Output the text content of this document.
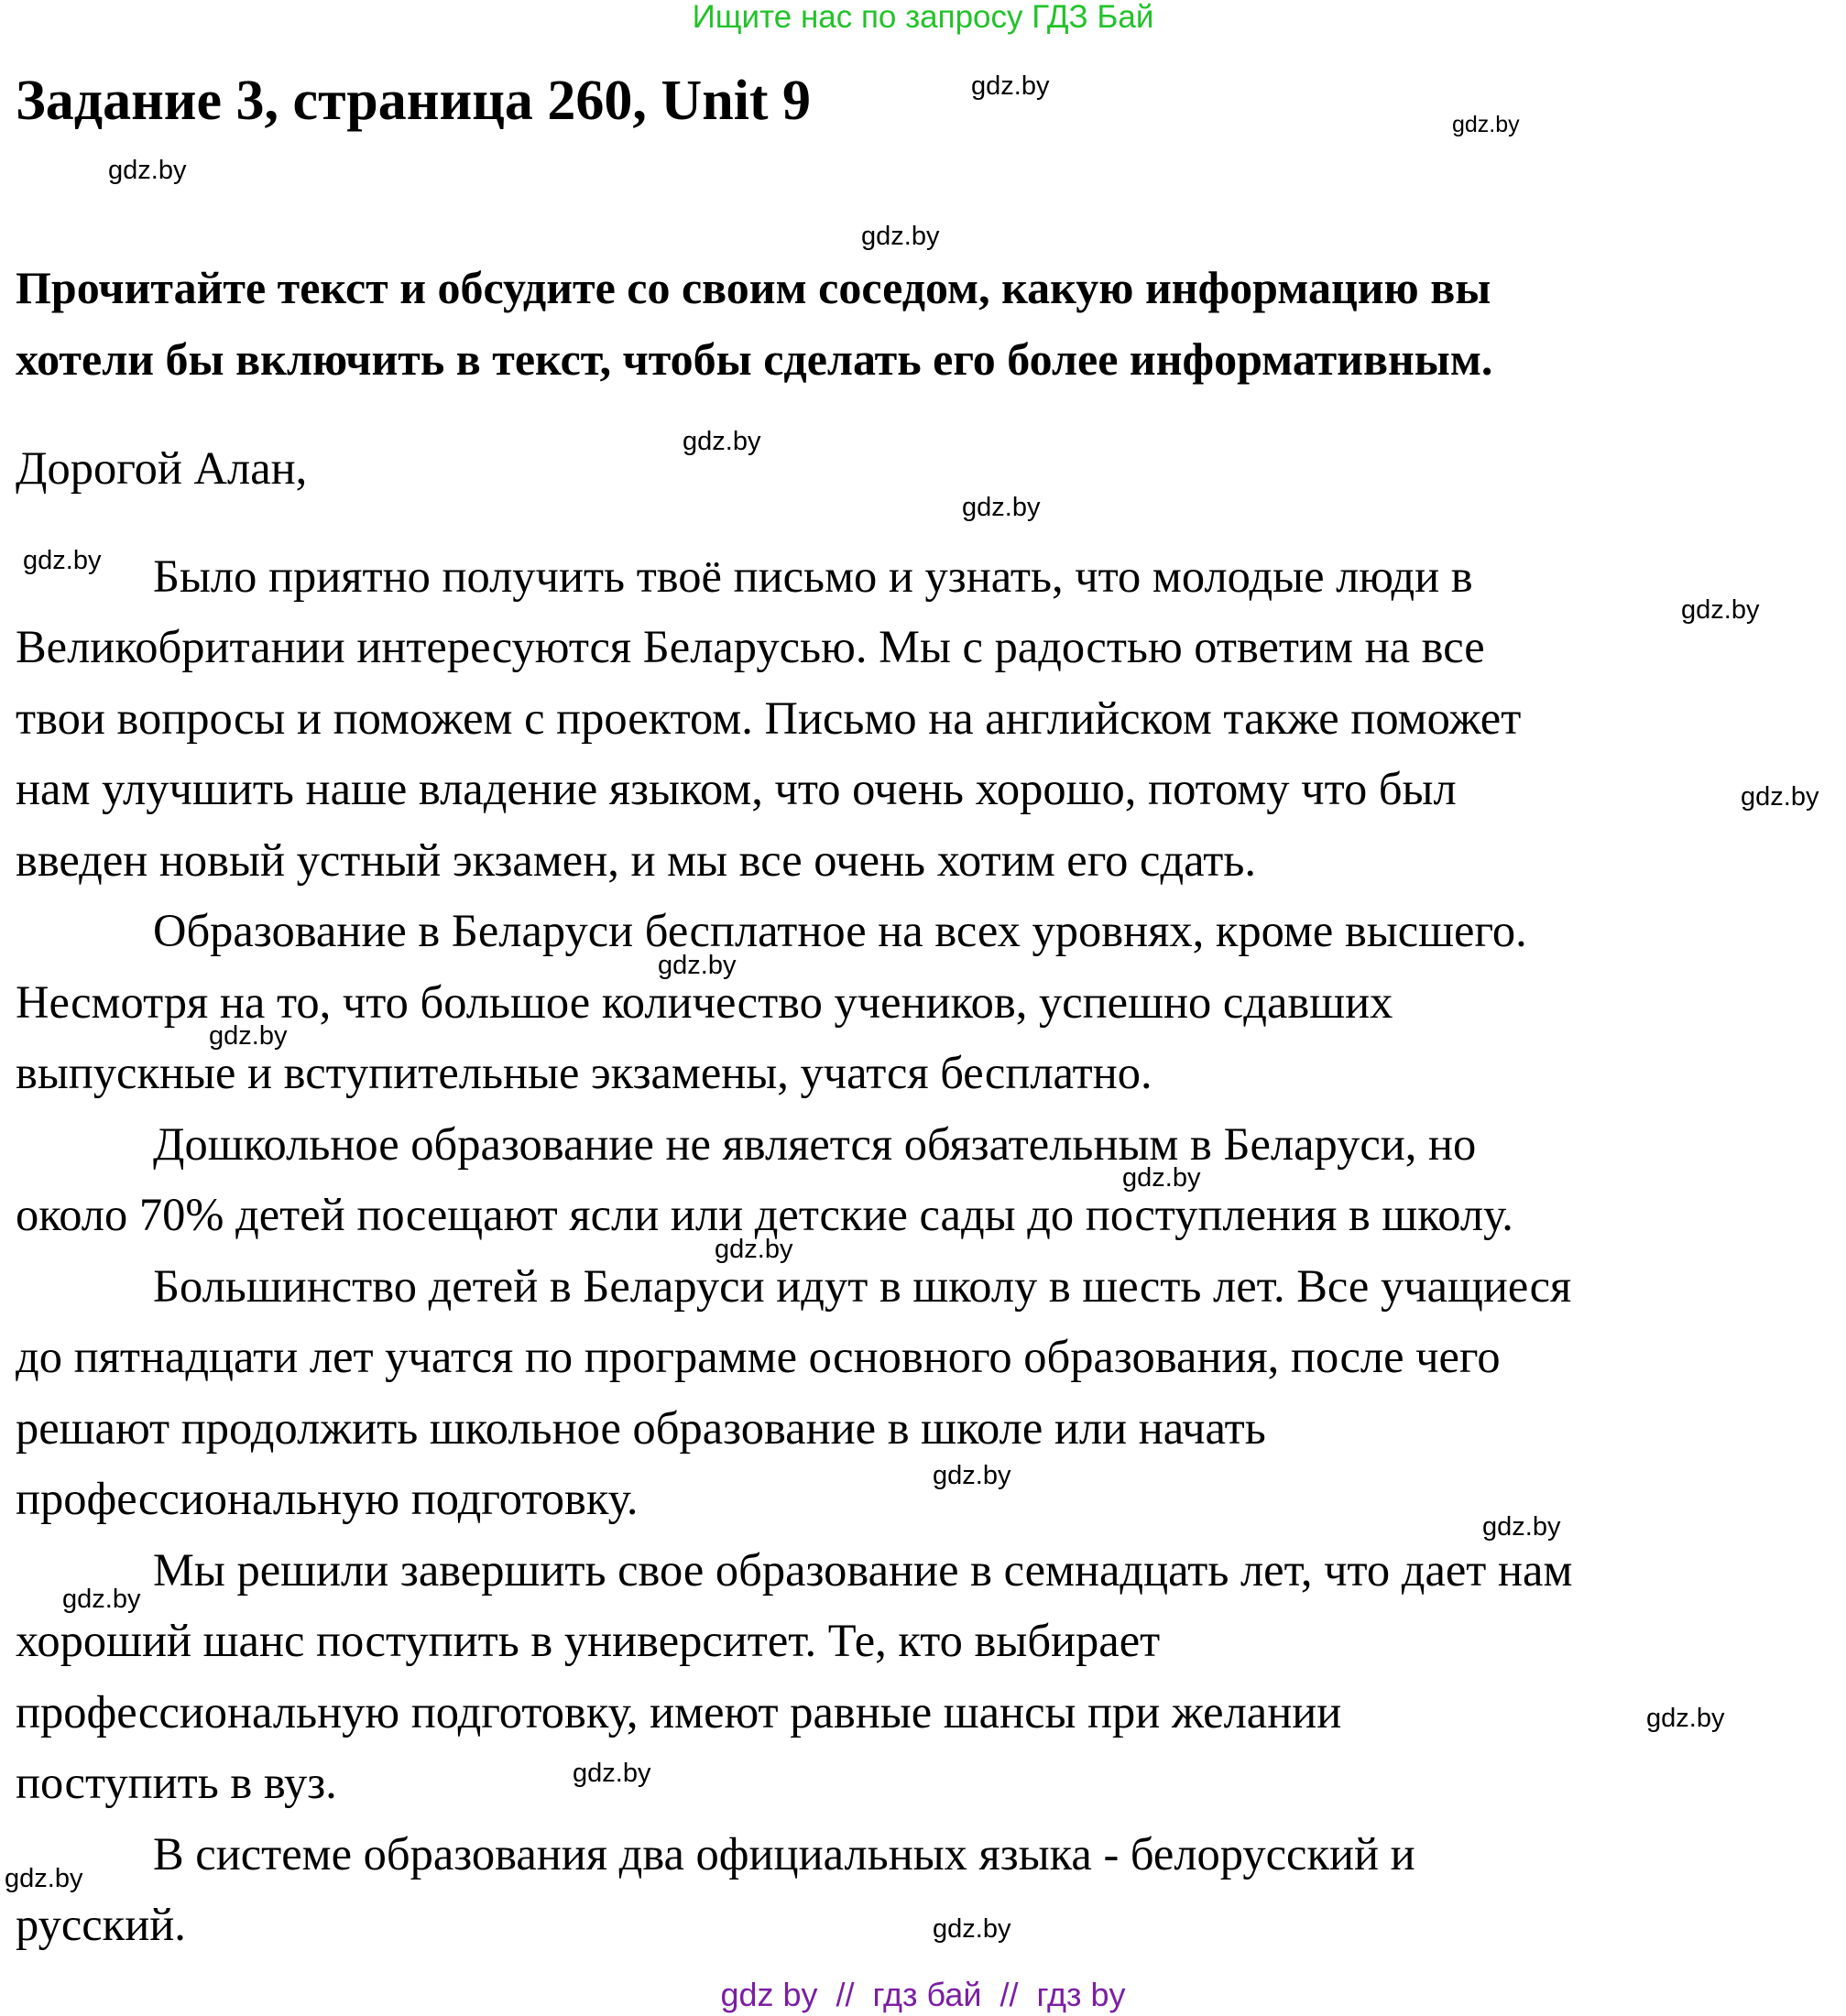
Ищите нас по запросу ГДЗ Бай
Задание 3, страница 260, Unit 9
Прочитайте текст и обсудите со своим соседом, какую информацию вы
хотели бы включить в текст, чтобы сделать его более информативным.
Дорогой Алан,
Было приятно получить твоё письмо и узнать, что молодые люди в
Великобритании интересуются Беларусью. Мы с радостью ответим на все
твои вопросы и поможем с проектом. Письмо на английском также поможет
нам улучшить наше владение языком, что очень хорошо, потому что был
введен новый устный экзамен, и мы все очень хотим его сдать.
Образование в Беларуси бесплатное на всех уровнях, кроме высшего.
Несмотря на то, что большое количество учеников, успешно сдавших
выпускные и вступительные экзамены, учатся бесплатно.
Дошкольное образование не является обязательным в Беларуси, но
около 70% детей посещают ясли или детские сады до поступления в школу.
Большинство детей в Беларуси идут в школу в шесть лет. Все учащиеся
до пятнадцати лет учатся по программе основного образования, после чего
решают продолжить школьное образование в школе или начать
профессиональную подготовку.
Мы решили завершить свое образование в семнадцать лет, что дает нам
хороший шанс поступить в университет. Те, кто выбирает
профессиональную подготовку, имеют равные шансы при желании
поступить в вуз.
В системе образования два официальных языка - белорусский и
русский.
gdz.by
gdz.by
gdz.by
gdz.by
gdz.by
gdz.by
gdz.by
gdz.by
gdz.by
gdz.by
gdz.by
gdz.by
gdz.by
gdz.by
gdz.by
gdz.by
gdz.by
gdz.by
gdz.by
gdz.by
gdz by  //  гдз бай  //  гдз by
